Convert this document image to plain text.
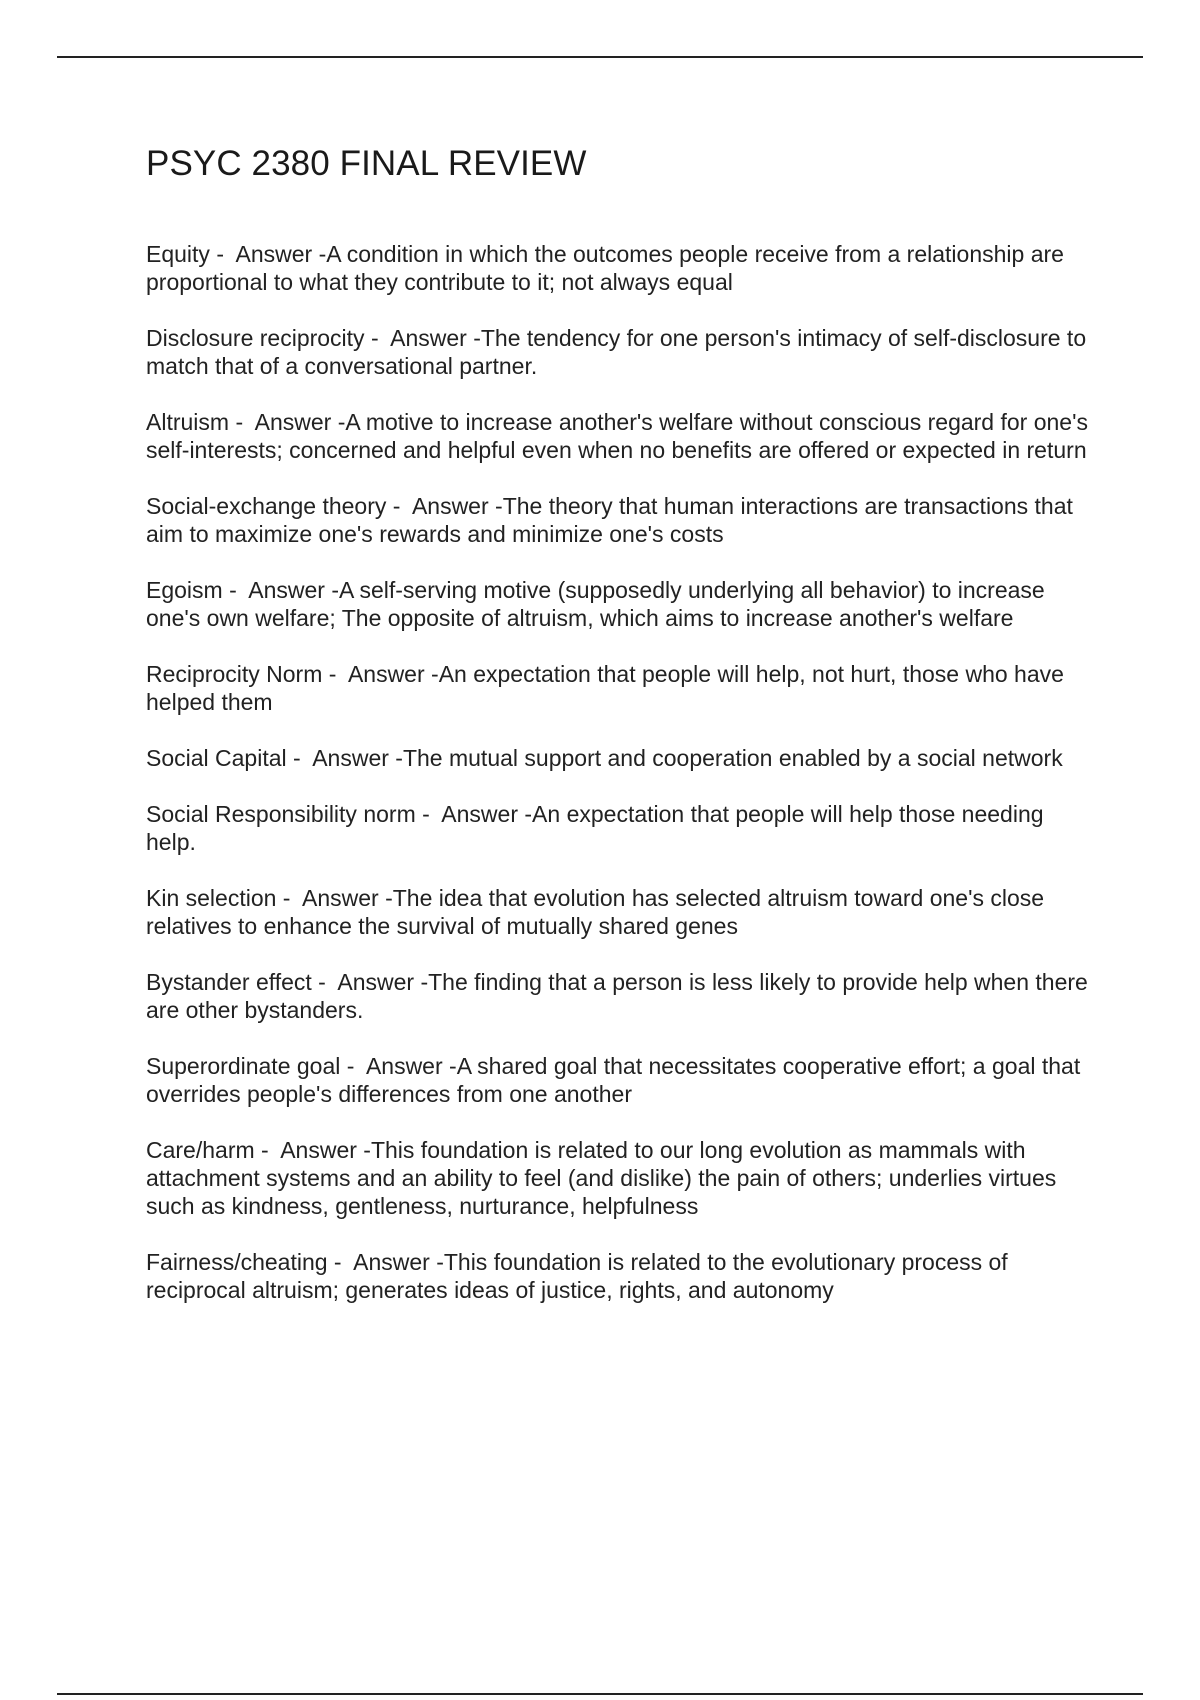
PSYC 2380 FINAL REVIEW

Equity -  Answer -A condition in which the outcomes people receive from a relationship are proportional to what they contribute to it; not always equal

Disclosure reciprocity -  Answer -The tendency for one person's intimacy of self-disclosure to match that of a conversational partner.

Altruism -  Answer -A motive to increase another's welfare without conscious regard for one's self-interests; concerned and helpful even when no benefits are offered or expected in return

Social-exchange theory -  Answer -The theory that human interactions are transactions that aim to maximize one's rewards and minimize one's costs

Egoism -  Answer -A self-serving motive (supposedly underlying all behavior) to increase one's own welfare; The opposite of altruism, which aims to increase another's welfare

Reciprocity Norm -  Answer -An expectation that people will help, not hurt, those who have helped them

Social Capital -  Answer -The mutual support and cooperation enabled by a social network

Social Responsibility norm -  Answer -An expectation that people will help those needing help.

Kin selection -  Answer -The idea that evolution has selected altruism toward one's close relatives to enhance the survival of mutually shared genes

Bystander effect -  Answer -The finding that a person is less likely to provide help when there are other bystanders.

Superordinate goal -  Answer -A shared goal that necessitates cooperative effort; a goal that overrides people's differences from one another

Care/harm -  Answer -This foundation is related to our long evolution as mammals with attachment systems and an ability to feel (and dislike) the pain of others; underlies virtues such as kindness, gentleness, nurturance, helpfulness

Fairness/cheating -  Answer -This foundation is related to the evolutionary process of reciprocal altruism; generates ideas of justice, rights, and autonomy
